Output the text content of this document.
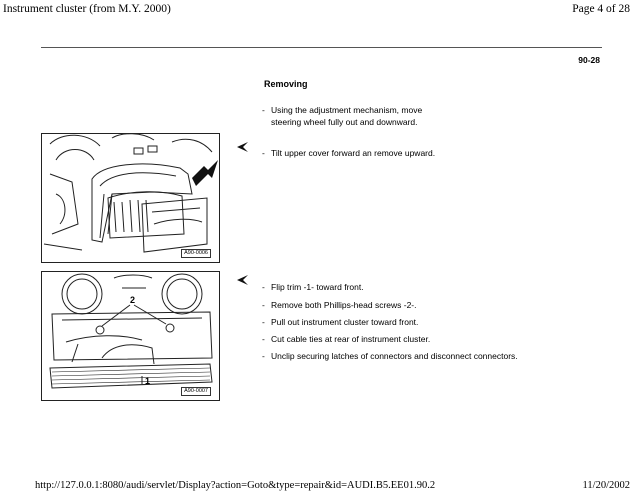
Instrument cluster (from M.Y. 2000)	Page 4 of 28
90-28
Removing
- Using the adjustment mechanism, move
steering wheel fully out and downward.
- Tilt upper cover forward an remove upward.
A90-0006
2
1
A90-0007
- Flip trim -1- toward front.
- Remove both Phillips-head screws -2-.
- Pull out instrument cluster toward front.
- Cut cable ties at rear of instrument cluster.
- Unclip securing latches of connectors and disconnect connectors.
http://127.0.0.1:8080/audi/servlet/Display?action=Goto&type=repair&id=AUDI.B5.EE01.90.2	11/20/2002
